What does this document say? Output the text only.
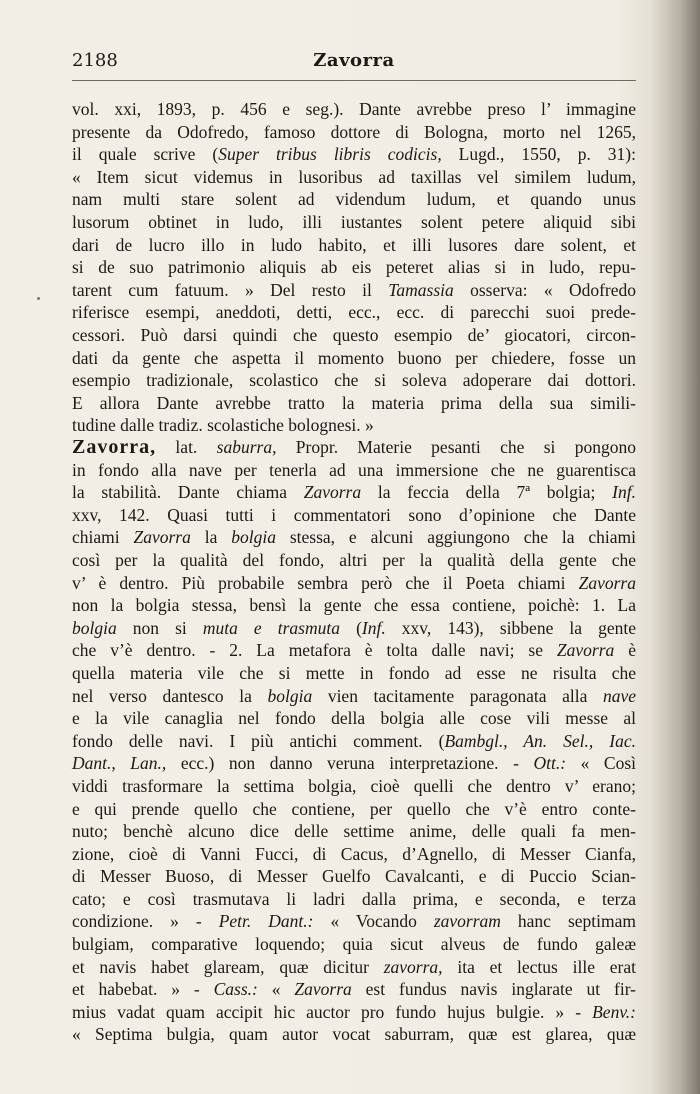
2188	Zavorra
vol. xxi, 1893, p. 456 e seg.). Dante avrebbe preso l’ immagine
presente da Odofredo, famoso dottore di Bologna, morto nel 1265,
il quale scrive (Super tribus libris codicis, Lugd., 1550, p. 31):
« Item sicut videmus in lusoribus ad taxillas vel similem ludum,
nam multi stare solent ad videndum ludum, et quando unus
lusorum obtinet in ludo, illi iustantes solent petere aliquid sibi
dari de lucro illo in ludo habito, et illi lusores dare solent, et
si de suo patrimonio aliquis ab eis peteret alias si in ludo, repu-
tarent cum fatuum. » Del resto il Tamassia osserva: « Odofredo
riferisce esempi, aneddoti, detti, ecc., ecc. di parecchi suoi prede-
cessori. Può darsi quindi che questo esempio de’ giocatori, circon-
dati da gente che aspetta il momento buono per chiedere, fosse un
esempio tradizionale, scolastico che si soleva adoperare dai dottori.
E allora Dante avrebbe tratto la materia prima della sua simili-
tudine dalle tradiz. scolastiche bolognesi. »
Zavorra, lat. saburra, Propr. Materie pesanti che si pongono
in fondo alla nave per tenerla ad una immersione che ne guarentisca
la stabilità. Dante chiama Zavorra la feccia della 7ª bolgia; Inf.
xxv, 142. Quasi tutti i commentatori sono d’opinione che Dante
chiami Zavorra la bolgia stessa, e alcuni aggiungono che la chiami
così per la qualità del fondo, altri per la qualità della gente che
v’ è dentro. Più probabile sembra però che il Poeta chiami Zavorra
non la bolgia stessa, bensì la gente che essa contiene, poichè: 1. La
bolgia non si muta e trasmuta (Inf. xxv, 143), sibbene la gente
che v’è dentro. - 2. La metafora è tolta dalle navi; se Zavorra è
quella materia vile che si mette in fondo ad esse ne risulta che
nel verso dantesco la bolgia vien tacitamente paragonata alla nave
e la vile canaglia nel fondo della bolgia alle cose vili messe al
fondo delle navi. I più antichi comment. (Bambgl., An. Sel., Iac.
Dant., Lan., ecc.) non danno veruna interpretazione. - Ott.: « Così
viddi trasformare la settima bolgia, cioè quelli che dentro v’ erano;
e qui prende quello che contiene, per quello che v’è entro conte-
nuto; benchè alcuno dice delle settime anime, delle quali fa men-
zione, cioè di Vanni Fucci, di Cacus, d’Agnello, di Messer Cianfa,
di Messer Buoso, di Messer Guelfo Cavalcanti, e di Puccio Scian-
cato; e così trasmutava li ladri dalla prima, e seconda, e terza
condizione. » - Petr. Dant.: « Vocando zavorram hanc septimam
bulgiam, comparative loquendo; quia sicut alveus de fundo galeæ
et navis habet glaream, quæ dicitur zavorra, ita et lectus ille erat
et habebat. » - Cass.: « Zavorra est fundus navis inglarate ut fir-
mius vadat quam accipit hic auctor pro fundo hujus bulgie. » - Benv.:
« Septima bulgia, quam autor vocat saburram, quæ est glarea, quæ
